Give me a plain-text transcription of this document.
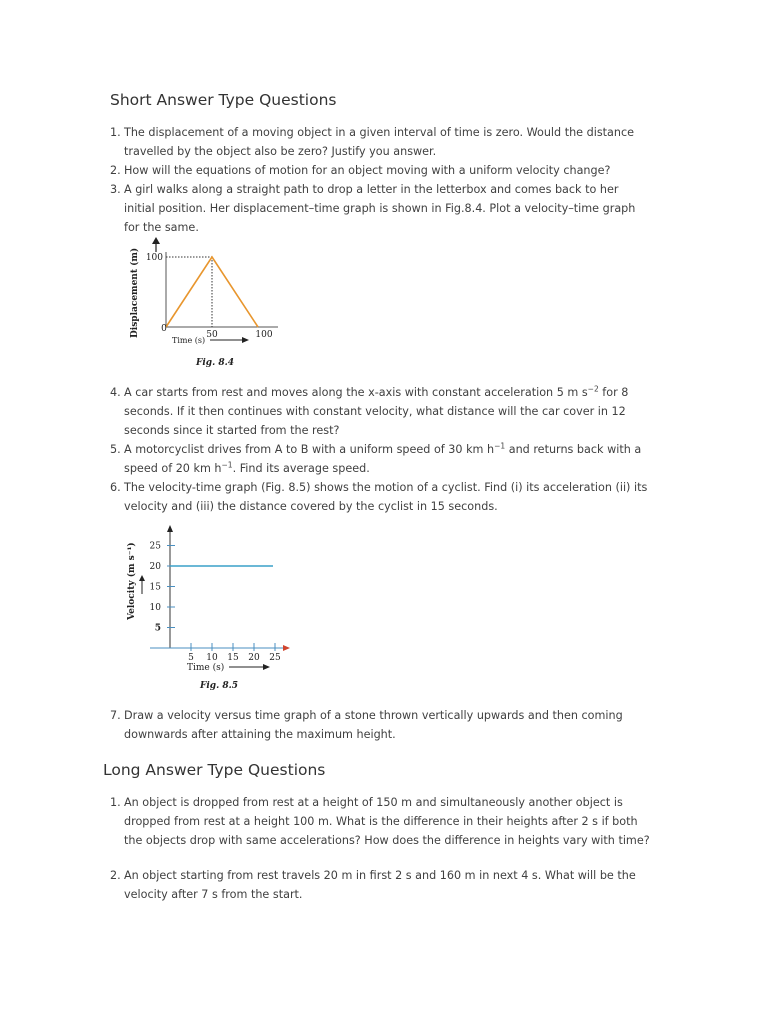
Short Answer Type Questions
1. The displacement of a moving object in a given interval of time is zero. Would the distance travelled by the object also be zero? Justify you answer.
2. How will the equations of motion for an object moving with a uniform velocity change?
3. A girl walks along a straight path to drop a letter in the letterbox and comes back to her initial position. Her displacement–time graph is shown in Fig.8.4. Plot a velocity–time graph for the same.
Displacement (m) 100
0
50	100
Time (s)
Fig. 8.4
4. A car starts from rest and moves along the x-axis with constant acceleration 5 m $s^{-2}$ for 8 seconds. If it then continues with constant velocity, what distance will the car cover in 12 seconds since it started from the rest?
5. A motorcyclist drives from A to B with a uniform speed of 30 km $h^{-1}$ and returns back with a speed of 20 km $h^{-1}$. Find its average speed.
6. The velocity-time graph (Fig. 8.5) shows the motion of a cyclist. Find (i) its acceleration (ii) its velocity and (iii) the distance covered by the cyclist in 15 seconds.
Velocity (m s⁻¹)
5
10
15
20
25
5 10 15 20 25
Time (s)
Fig. 8.5
7. Draw a velocity versus time graph of a stone thrown vertically upwards and then coming downwards after attaining the maximum height.
Long Answer Type Questions
1. An object is dropped from rest at a height of 150 m and simultaneously another object is dropped from rest at a height 100 m. What is the difference in their heights after 2 s if both the objects drop with same accelerations? How does the difference in heights vary with time?
2. An object starting from rest travels 20 m in first 2 s and 160 m in next 4 s. What will be the velocity after 7 s from the start.
